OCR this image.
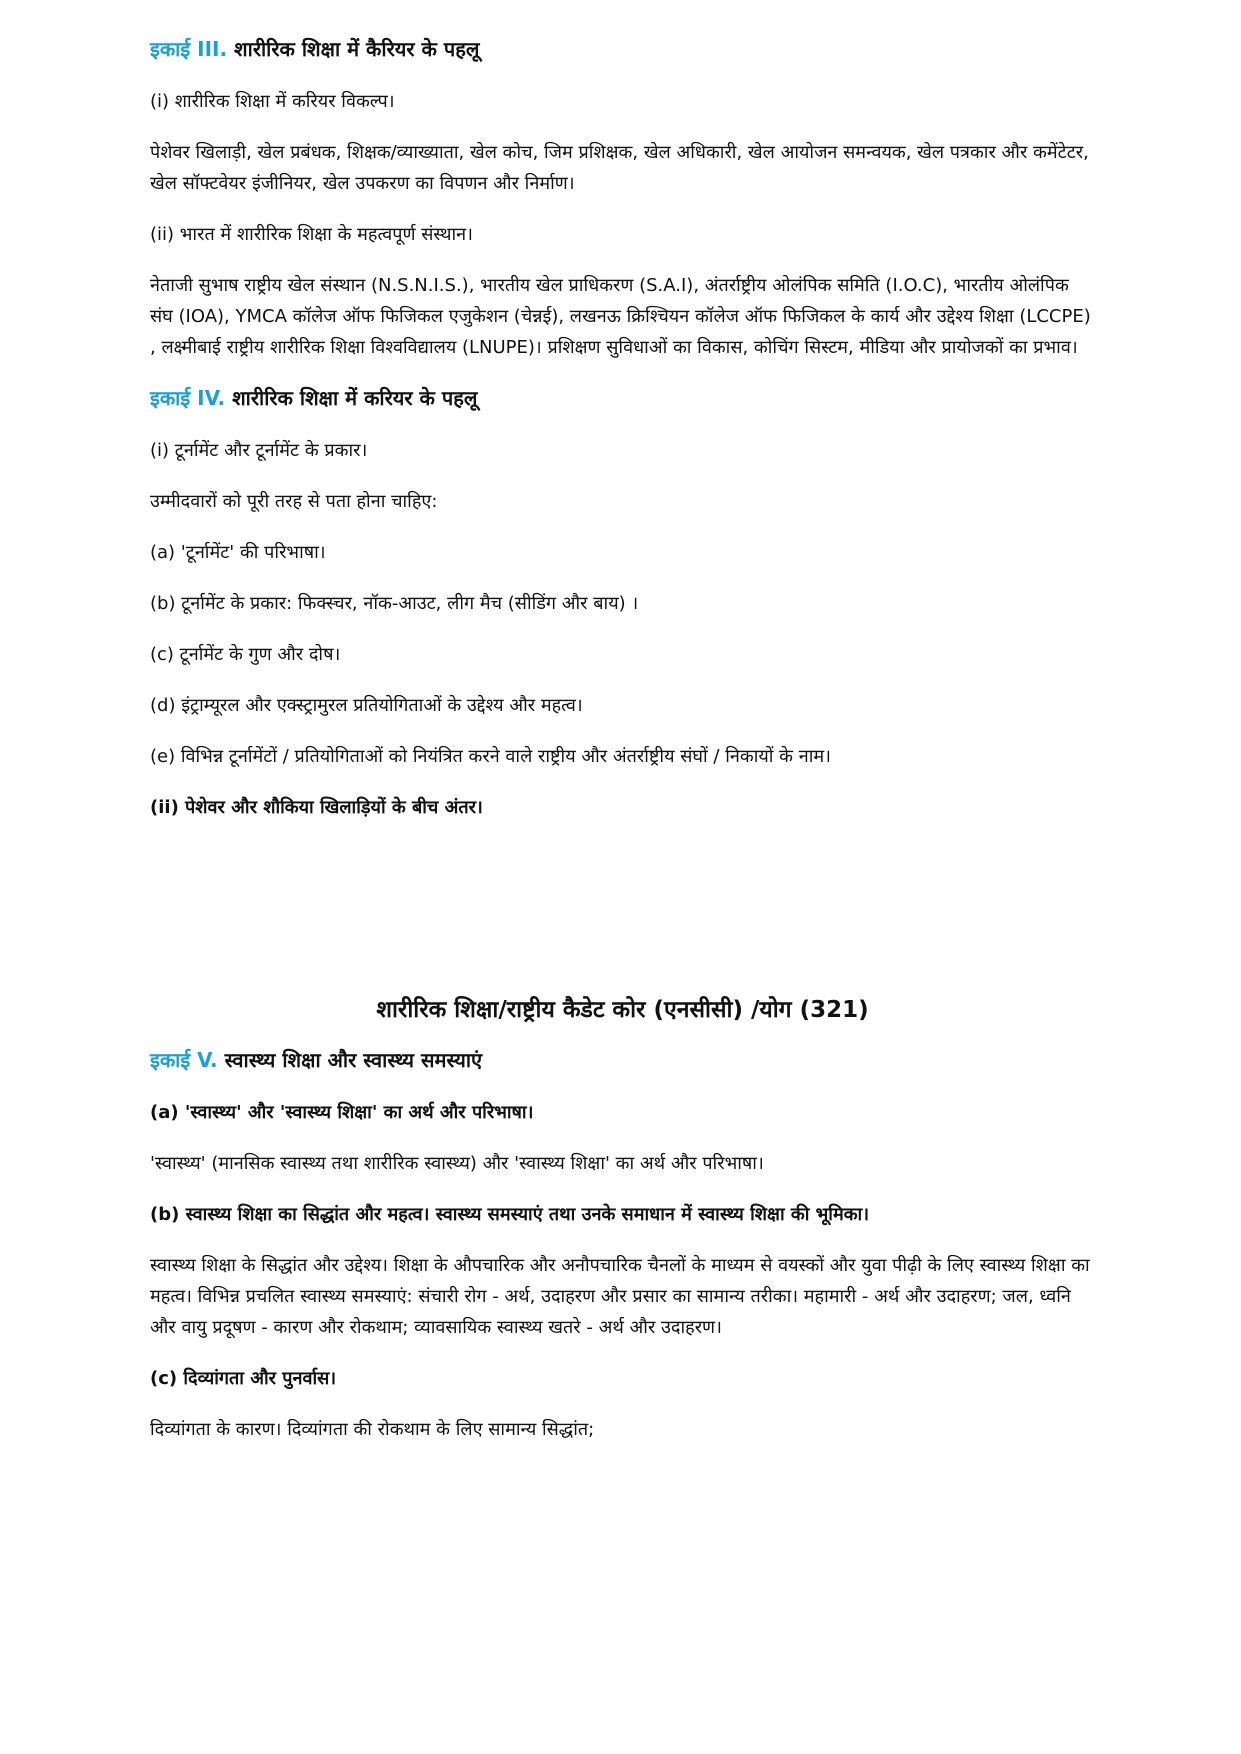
इकाई III. शारीरिक शिक्षा में कैरियर के पहलू

(i) शारीरिक शिक्षा में करियर विकल्प।

पेशेवर खिलाड़ी, खेल प्रबंधक, शिक्षक/व्याख्याता, खेल कोच, जिम प्रशिक्षक, खेल अधिकारी, खेल आयोजन समन्वयक, खेल पत्रकार और कमेंटेटर, खेल सॉफ्टवेयर इंजीनियर, खेल उपकरण का विपणन और निर्माण।

(ii) भारत में शारीरिक शिक्षा के महत्वपूर्ण संस्थान।

नेताजी सुभाष राष्ट्रीय खेल संस्थान (N.S.N.I.S.), भारतीय खेल प्राधिकरण (S.A.I), अंतर्राष्ट्रीय ओलंपिक समिति (I.O.C), भारतीय ओलंपिक संघ (IOA), YMCA कॉलेज ऑफ फिजिकल एजुकेशन (चेन्नई), लखनऊ क्रिश्चियन कॉलेज ऑफ फिजिकल के कार्य और उद्देश्य शिक्षा (LCCPE) , लक्ष्मीबाई राष्ट्रीय शारीरिक शिक्षा विश्वविद्यालय (LNUPE)। प्रशिक्षण सुविधाओं का विकास, कोचिंग सिस्टम, मीडिया और प्रायोजकों का प्रभाव।

इकाई IV. शारीरिक शिक्षा में करियर के पहलू

(i) टूर्नामेंट और टूर्नामेंट के प्रकार।

उम्मीदवारों को पूरी तरह से पता होना चाहिए:

(a) 'टूर्नामेंट' की परिभाषा।

(b) टूर्नामेंट के प्रकार: फिक्स्चर, नॉक-आउट, लीग मैच (सीडिंग और बाय) ।

(c) टूर्नामेंट के गुण और दोष।

(d) इंट्राम्यूरल और एक्स्ट्रामुरल प्रतियोगिताओं के उद्देश्य और महत्व।

(e) विभिन्न टूर्नामेंटों / प्रतियोगिताओं को नियंत्रित करने वाले राष्ट्रीय और अंतर्राष्ट्रीय संघों / निकायों के नाम।

(ii) पेशेवर और शौकिया खिलाड़ियों के बीच अंतर।

शारीरिक शिक्षा/राष्ट्रीय कैडेट कोर (एनसीसी) /योग (321)
इकाई V. स्वास्थ्य शिक्षा और स्वास्थ्य समस्याएं

(a) 'स्वास्थ्य' और 'स्वास्थ्य शिक्षा' का अर्थ और परिभाषा।

'स्वास्थ्य' (मानसिक स्वास्थ्य तथा शारीरिक स्वास्थ्य) और 'स्वास्थ्य शिक्षा' का अर्थ और परिभाषा।

(b) स्वास्थ्य शिक्षा का सिद्धांत और महत्व। स्वास्थ्य समस्याएं तथा उनके समाधान में स्वास्थ्य शिक्षा की भूमिका।

स्वास्थ्य शिक्षा के सिद्धांत और उद्देश्य। शिक्षा के औपचारिक और अनौपचारिक चैनलों के माध्यम से वयस्कों और युवा पीढ़ी के लिए स्वास्थ्य शिक्षा का महत्व। विभिन्न प्रचलित स्वास्थ्य समस्याएं: संचारी रोग - अर्थ, उदाहरण और प्रसार का सामान्य तरीका। महामारी - अर्थ और उदाहरण; जल, ध्वनि और वायु प्रदूषण - कारण और रोकथाम; व्यावसायिक स्वास्थ्य खतरे - अर्थ और उदाहरण।

(c) दिव्यांगता और पुनर्वास।

दिव्यांगता के कारण। दिव्यांगता की रोकथाम के लिए सामान्य सिद्धांत;
